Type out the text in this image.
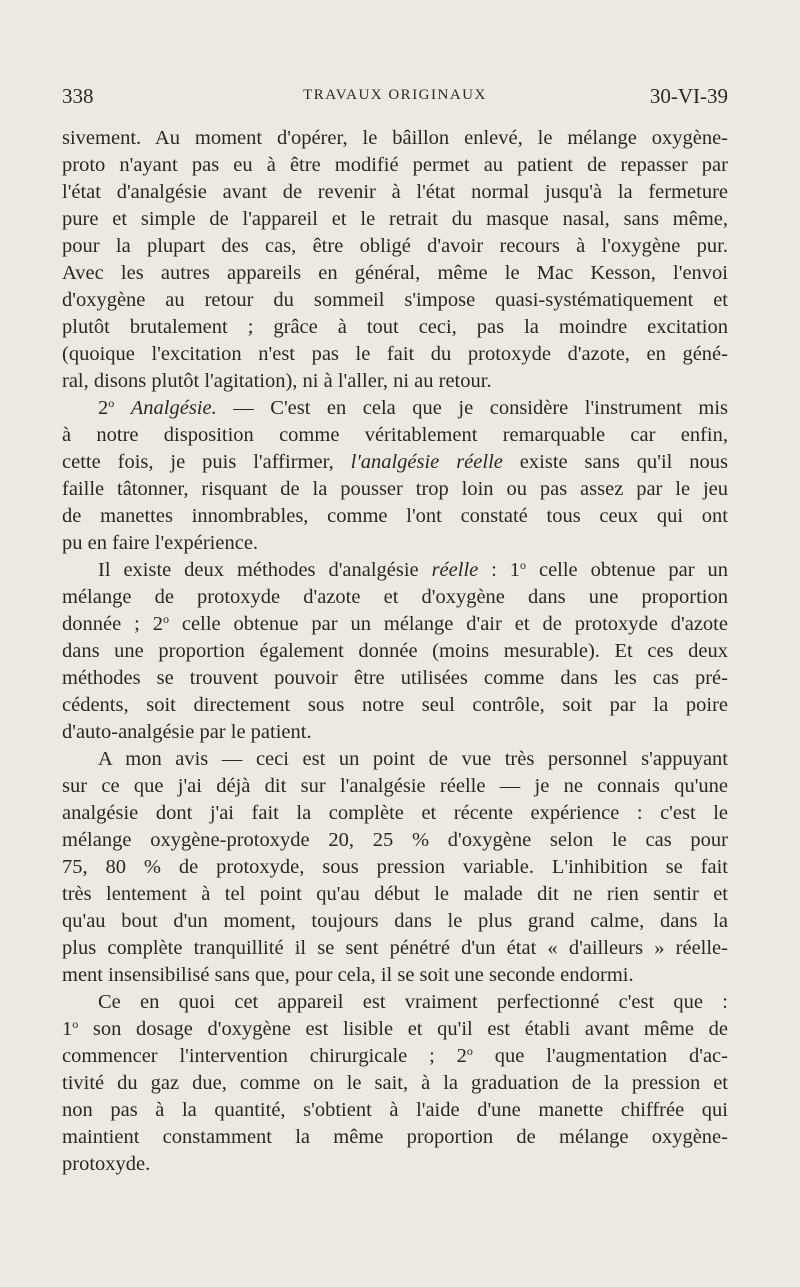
338	TRAVAUX ORIGINAUX	30-VI-39
sivement. Au moment d'opérer, le bâillon enlevé, le mélange oxygène-
proto n'ayant pas eu à être modifié permet au patient de repasser par
l'état d'analgésie avant de revenir à l'état normal jusqu'à la fermeture
pure et simple de l'appareil et le retrait du masque nasal, sans même,
pour la plupart des cas, être obligé d'avoir recours à l'oxygène pur.
Avec les autres appareils en général, même le Mac Kesson, l'envoi
d'oxygène au retour du sommeil s'impose quasi-systématiquement et
plutôt brutalement ; grâce à tout ceci, pas la moindre excitation
(quoique l'excitation n'est pas le fait du protoxyde d'azote, en géné-
ral, disons plutôt l'agitation), ni à l'aller, ni au retour.
2$^o$ Analgésie. — C'est en cela que je considère l'instrument mis
à notre disposition comme véritablement remarquable car enfin,
cette fois, je puis l'affirmer, l'analgésie réelle existe sans qu'il nous
faille tâtonner, risquant de la pousser trop loin ou pas assez par le jeu
de manettes innombrables, comme l'ont constaté tous ceux qui ont
pu en faire l'expérience.
Il existe deux méthodes d'analgésie réelle : 1$^o$ celle obtenue par un
mélange de protoxyde d'azote et d'oxygène dans une proportion
donnée ; 2$^o$ celle obtenue par un mélange d'air et de protoxyde d'azote
dans une proportion également donnée (moins mesurable). Et ces deux
méthodes se trouvent pouvoir être utilisées comme dans les cas pré-
cédents, soit directement sous notre seul contrôle, soit par la poire
d'auto-analgésie par le patient.
A mon avis — ceci est un point de vue très personnel s'appuyant
sur ce que j'ai déjà dit sur l'analgésie réelle — je ne connais qu'une
analgésie dont j'ai fait la complète et récente expérience : c'est le
mélange oxygène-protoxyde 20, 25 % d'oxygène selon le cas pour
75, 80 % de protoxyde, sous pression variable. L'inhibition se fait
très lentement à tel point qu'au début le malade dit ne rien sentir et
qu'au bout d'un moment, toujours dans le plus grand calme, dans la
plus complète tranquillité il se sent pénétré d'un état « d'ailleurs » réelle-
ment insensibilisé sans que, pour cela, il se soit une seconde endormi.
Ce en quoi cet appareil est vraiment perfectionné c'est que :
1$^o$ son dosage d'oxygène est lisible et qu'il est établi avant même de
commencer l'intervention chirurgicale ; 2$^o$ que l'augmentation d'ac-
tivité du gaz due, comme on le sait, à la graduation de la pression et
non pas à la quantité, s'obtient à l'aide d'une manette chiffrée qui
maintient constamment la même proportion de mélange oxygène-
protoxyde.
